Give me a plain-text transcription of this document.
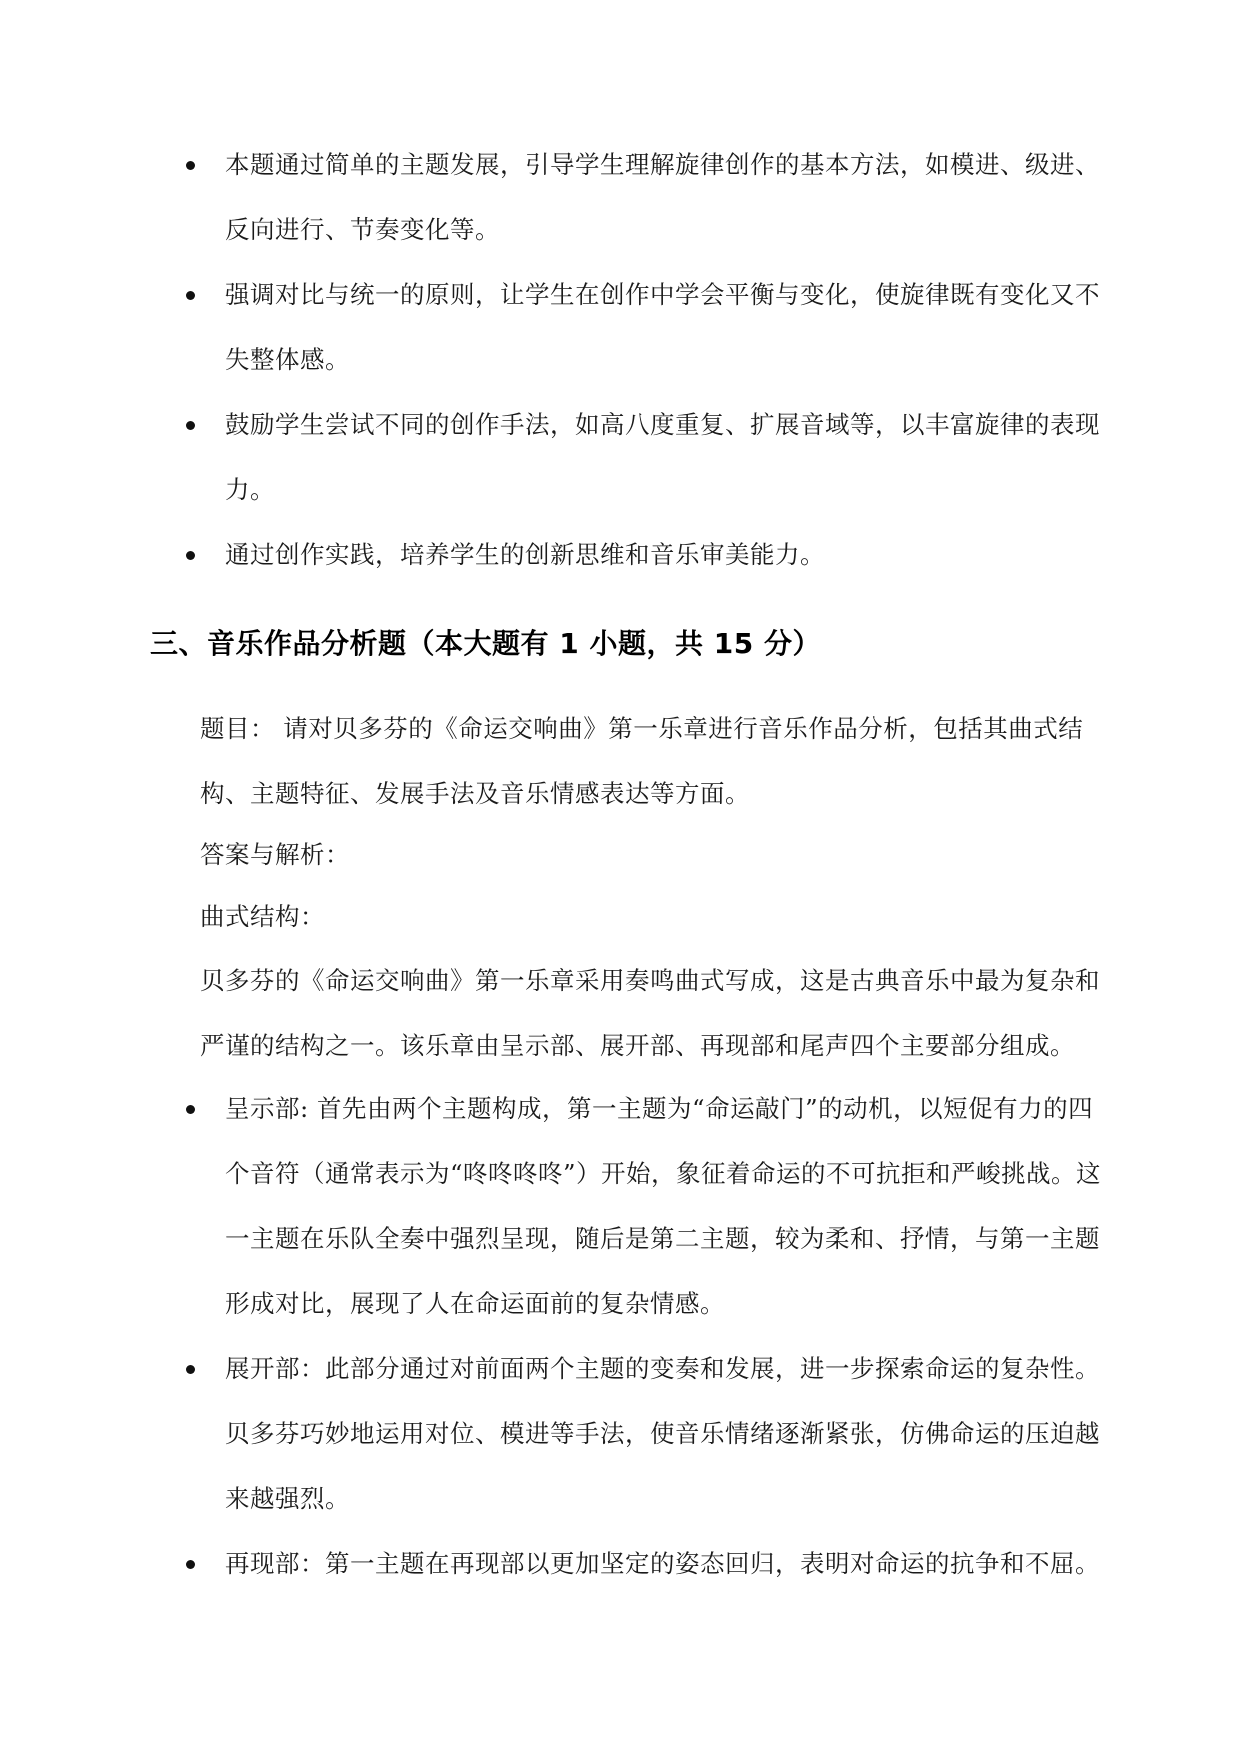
本题通过简单的主题发展，引导学生理解旋律创作的基本方法，如模进、级进、反向进行、节奏变化等。
强调对比与统一的原则，让学生在创作中学会平衡与变化，使旋律既有变化又不失整体感。
鼓励学生尝试不同的创作手法，如高八度重复、扩展音域等，以丰富旋律的表现力。
通过创作实践，培养学生的创新思维和音乐审美能力。
三、音乐作品分析题（本大题有 1 小题，共 15 分）
题目： 请对贝多芬的《命运交响曲》第一乐章进行音乐作品分析，包括其曲式结构、主题特征、发展手法及音乐情感表达等方面。
答案与解析：
曲式结构：
贝多芬的《命运交响曲》第一乐章采用奏鸣曲式写成，这是古典音乐中最为复杂和严谨的结构之一。该乐章由呈示部、展开部、再现部和尾声四个主要部分组成。
呈示部: 首先由两个主题构成，第一主题为“命运敲门”的动机，以短促有力的四个音符（通常表示为“咚咚咚咚”）开始，象征着命运的不可抗拒和严峻挑战。这一主题在乐队全奏中强烈呈现，随后是第二主题，较为柔和、抒情，与第一主题形成对比，展现了人在命运面前的复杂情感。
展开部：此部分通过对前面两个主题的变奏和发展，进一步探索命运的复杂性。贝多芬巧妙地运用对位、模进等手法，使音乐情绪逐渐紧张，仿佛命运的压迫越来越强烈。
再现部：第一主题在再现部以更加坚定的姿态回归，表明对命运的抗争和不屈。
